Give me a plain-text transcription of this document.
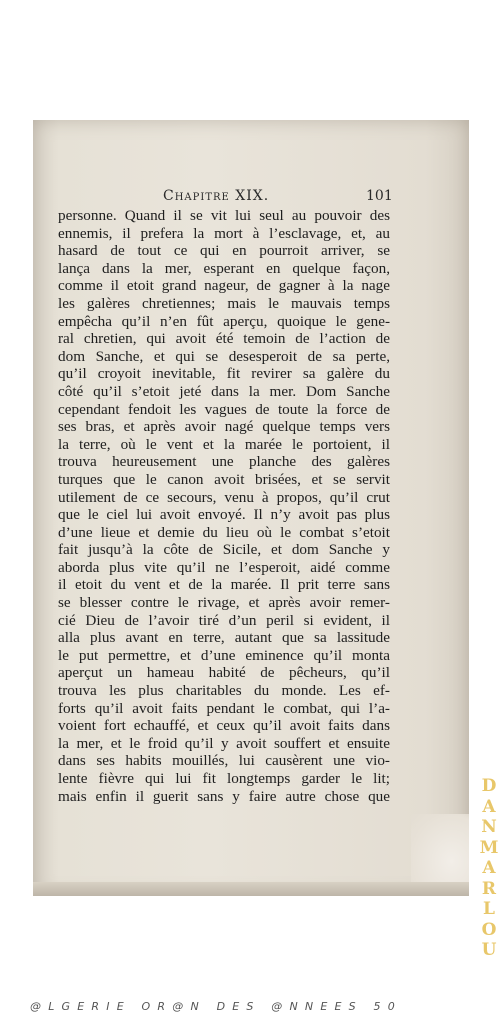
Chapitre XIX.	101
personne. Quand il se vit lui seul au pouvoir des
ennemis, il prefera la mort à l’esclavage, et, au
hasard de tout ce qui en pourroit arriver, se
lança dans la mer, esperant en quelque façon,
comme il etoit grand nageur, de gagner à la nage
les galères chretiennes; mais le mauvais temps
empêcha qu’il n’en fût aperçu, quoique le gene-
ral chretien, qui avoit été temoin de l’action de
dom Sanche, et qui se desesperoit de sa perte,
qu’il croyoit inevitable, fit revirer sa galère du
côté qu’il s’etoit jeté dans la mer. Dom Sanche
cependant fendoit les vagues de toute la force de
ses bras, et après avoir nagé quelque temps vers
la terre, où le vent et la marée le portoient, il
trouva heureusement une planche des galères
turques que le canon avoit brisées, et se servit
utilement de ce secours, venu à propos, qu’il crut
que le ciel lui avoit envoyé. Il n’y avoit pas plus
d’une lieue et demie du lieu où le combat s’etoit
fait jusqu’à la côte de Sicile, et dom Sanche y
aborda plus vite qu’il ne l’esperoit, aidé comme
il etoit du vent et de la marée. Il prit terre sans
se blesser contre le rivage, et après avoir remer-
cié Dieu de l’avoir tiré d’un peril si evident, il
alla plus avant en terre, autant que sa lassitude
le put permettre, et d’une eminence qu’il monta
aperçut un hameau habité de pêcheurs, qu’il
trouva les plus charitables du monde. Les ef-
forts qu’il avoit faits pendant le combat, qui l’a-
voient fort echauffé, et ceux qu’il avoit faits dans
la mer, et le froid qu’il y avoit souffert et ensuite
dans ses habits mouillés, lui causèrent une vio-
lente fièvre qui lui fit longtemps garder le lit;
mais enfin il guerit sans y faire autre chose que
D
A
N
M
A
R
L
O
U
@LGERIE OR@N DES @NNEES 50
